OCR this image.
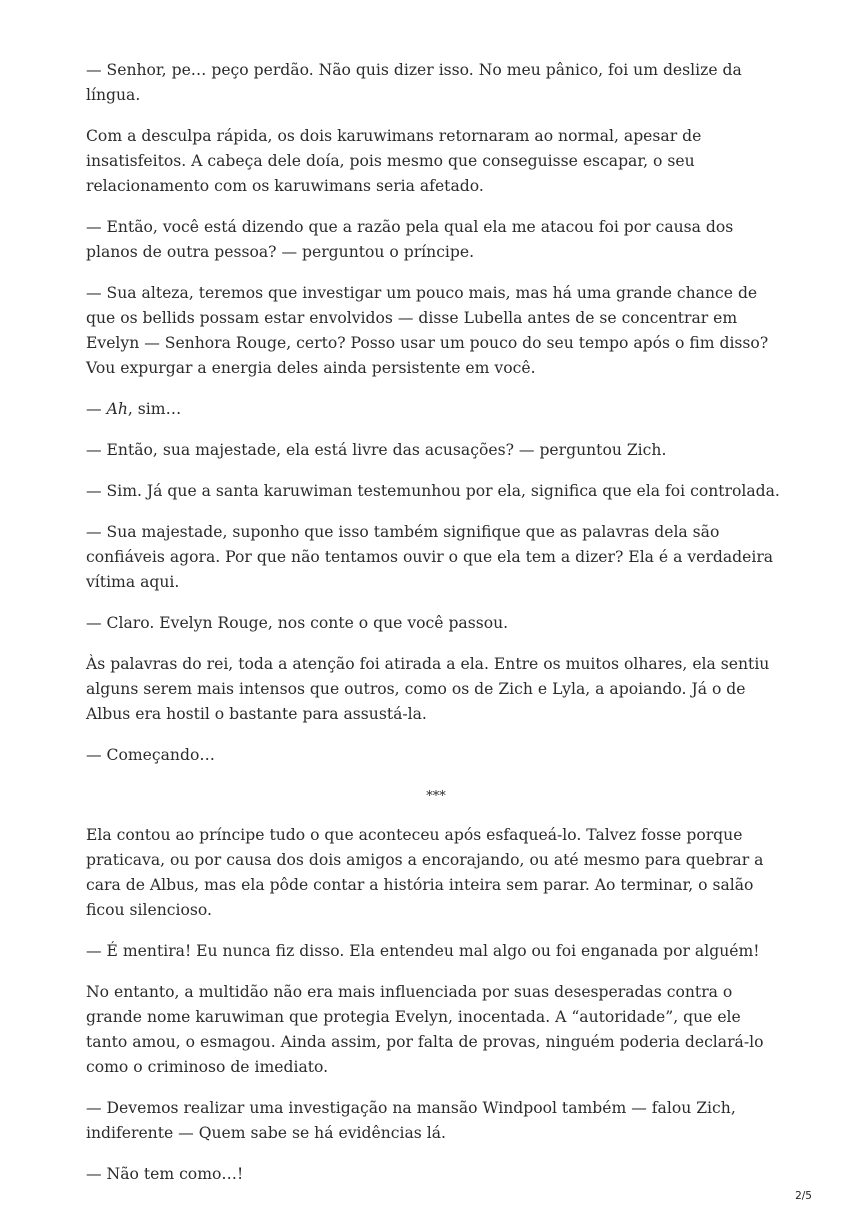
— Senhor, pe… peço perdão. Não quis dizer isso. No meu pânico, foi um deslize da língua.

Com a desculpa rápida, os dois karuwimans retornaram ao normal, apesar de insatisfeitos. A cabeça dele doía, pois mesmo que conseguisse escapar, o seu relacionamento com os karuwimans seria afetado.

— Então, você está dizendo que a razão pela qual ela me atacou foi por causa dos planos de outra pessoa? — perguntou o príncipe.

— Sua alteza, teremos que investigar um pouco mais, mas há uma grande chance de que os bellids possam estar envolvidos — disse Lubella antes de se concentrar em Evelyn — Senhora Rouge, certo? Posso usar um pouco do seu tempo após o fim disso? Vou expurgar a energia deles ainda persistente em você.

— Ah, sim…

— Então, sua majestade, ela está livre das acusações? — perguntou Zich.

— Sim. Já que a santa karuwiman testemunhou por ela, significa que ela foi controlada.

— Sua majestade, suponho que isso também signifique que as palavras dela são confiáveis agora. Por que não tentamos ouvir o que ela tem a dizer? Ela é a verdadeira vítima aqui.

— Claro. Evelyn Rouge, nos conte o que você passou.

Às palavras do rei, toda a atenção foi atirada a ela. Entre os muitos olhares, ela sentiu alguns serem mais intensos que outros, como os de Zich e Lyla, a apoiando. Já o de Albus era hostil o bastante para assustá-la.

— Começando…

***

Ela contou ao príncipe tudo o que aconteceu após esfaqueá-lo. Talvez fosse porque praticava, ou por causa dos dois amigos a encorajando, ou até mesmo para quebrar a cara de Albus, mas ela pôde contar a história inteira sem parar. Ao terminar, o salão ficou silencioso.

— É mentira! Eu nunca fiz disso. Ela entendeu mal algo ou foi enganada por alguém!

No entanto, a multidão não era mais influenciada por suas desesperadas contra o grande nome karuwiman que protegia Evelyn, inocentada. A “autoridade”, que ele tanto amou, o esmagou. Ainda assim, por falta de provas, ninguém poderia declará-lo como o criminoso de imediato.

— Devemos realizar uma investigação na mansão Windpool também — falou Zich, indiferente — Quem sabe se há evidências lá.

— Não tem como…!

2/5
